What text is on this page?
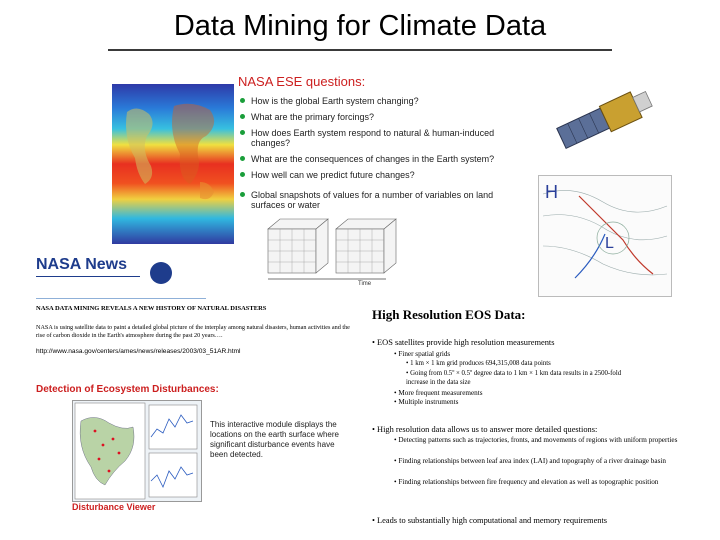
Data Mining for Climate Data
NASA ESE questions:
How is the global Earth system changing?
What are the primary forcings?
How does Earth system respond to natural & human-induced changes?
What are the consequences of changes in the Earth system?
How well can we predict future changes?
Global snapshots of values for a number of variables on land surfaces or water
H
L
Time
NASA News
NASA DATA MINING REVEALS A NEW HISTORY OF NATURAL DISASTERS
NASA is using satellite data to paint a detailed global picture of the interplay among natural disasters, human activities and the rise of carbon dioxide in the Earth's atmosphere during the past 20 years….
http://www.nasa.gov/centers/ames/news/releases/2003/03_51AR.html
Detection of Ecosystem Disturbances:
This interactive module displays the locations on the earth surface where significant disturbance events have been detected.
Disturbance Viewer
High Resolution EOS Data:
• EOS satellites provide high resolution measurements
• Finer spatial grids
• 1 km × 1 km grid produces 694,315,008 data points
• Going from 0.5º × 0.5º degree data to 1 km × 1 km data results in a 2500-fold increase in the data size
• More frequent measurements
• Multiple instruments
• High resolution data allows us to answer more detailed questions:
• Detecting patterns such as trajectories, fronts, and movements of regions with uniform properties
• Finding relationships between leaf area index (LAI) and topography of a river drainage basin
• Finding relationships between fire frequency and elevation as well as topographic position
• Leads to substantially high computational and memory requirements
